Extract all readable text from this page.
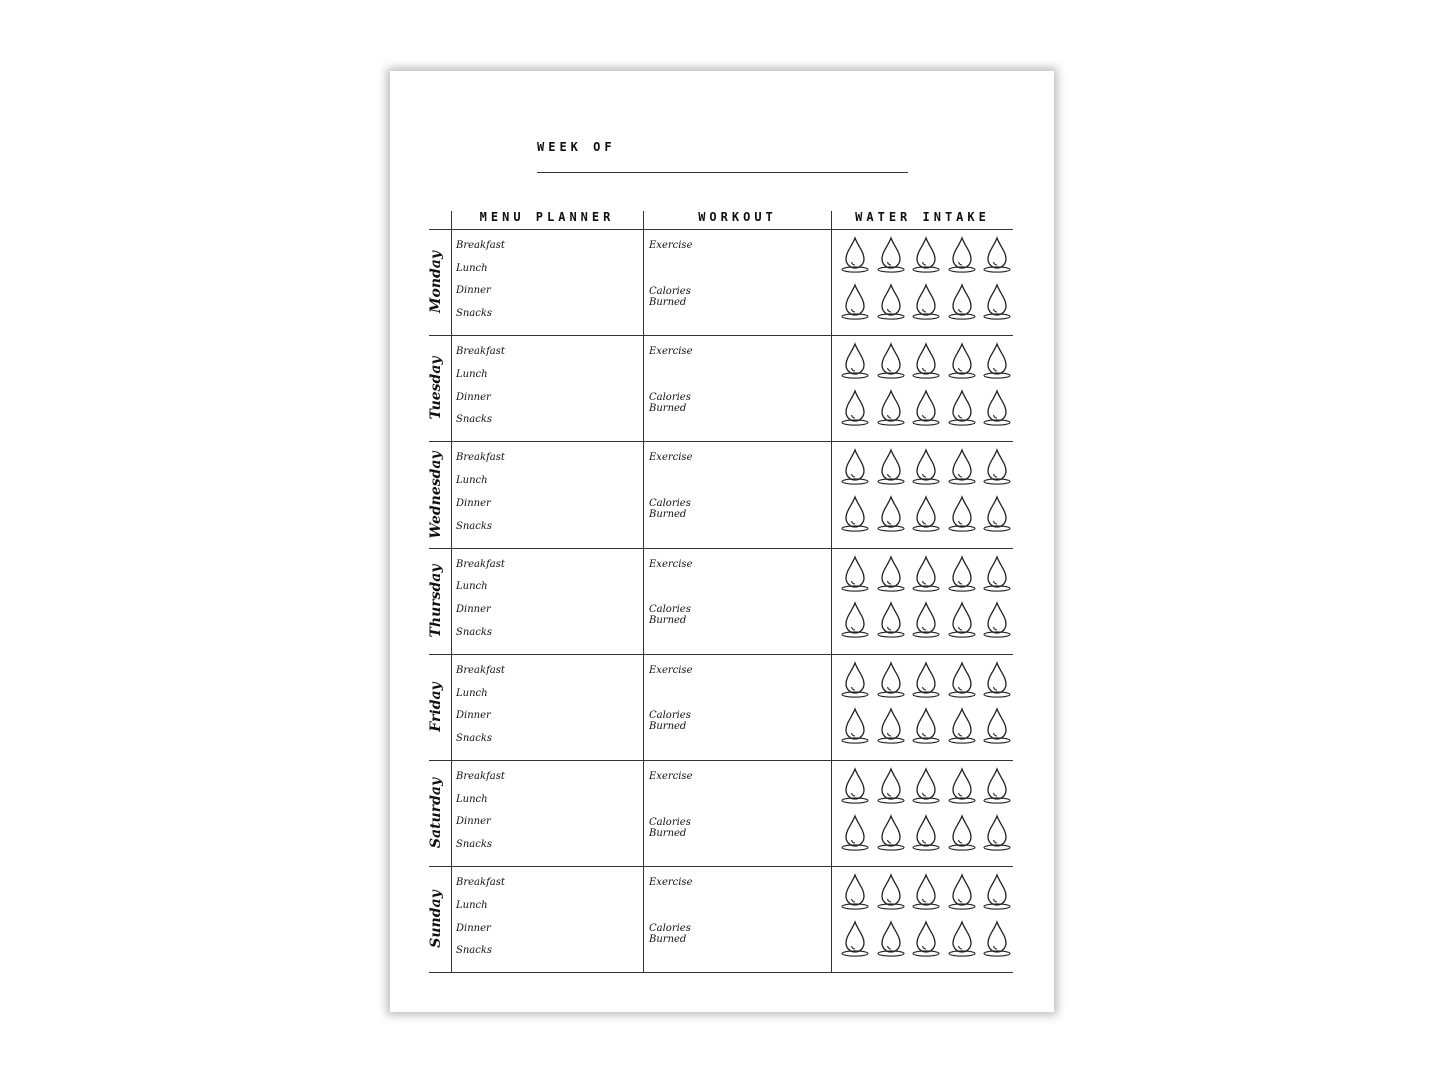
WEEK OF
MENU PLANNER	WORKOUT	WATER INTAKE
Monday
Breakfast
Lunch
Dinner
Snacks
Exercise
Calories Burned
Tuesday
Breakfast
Lunch
Dinner
Snacks
Exercise
Calories Burned
Wednesday Breakfast
Lunch
Dinner
Snacks
Exercise
Calories Burned
Thursday
Breakfast
Lunch
Dinner
Snacks
Exercise
Calories Burned
Friday
Breakfast
Lunch
Dinner
Snacks
Exercise
Calories Burned
Saturday
Breakfast
Lunch
Dinner
Snacks
Exercise
Calories Burned
Sunday
Breakfast
Lunch
Dinner
Snacks
Exercise
Calories Burned
